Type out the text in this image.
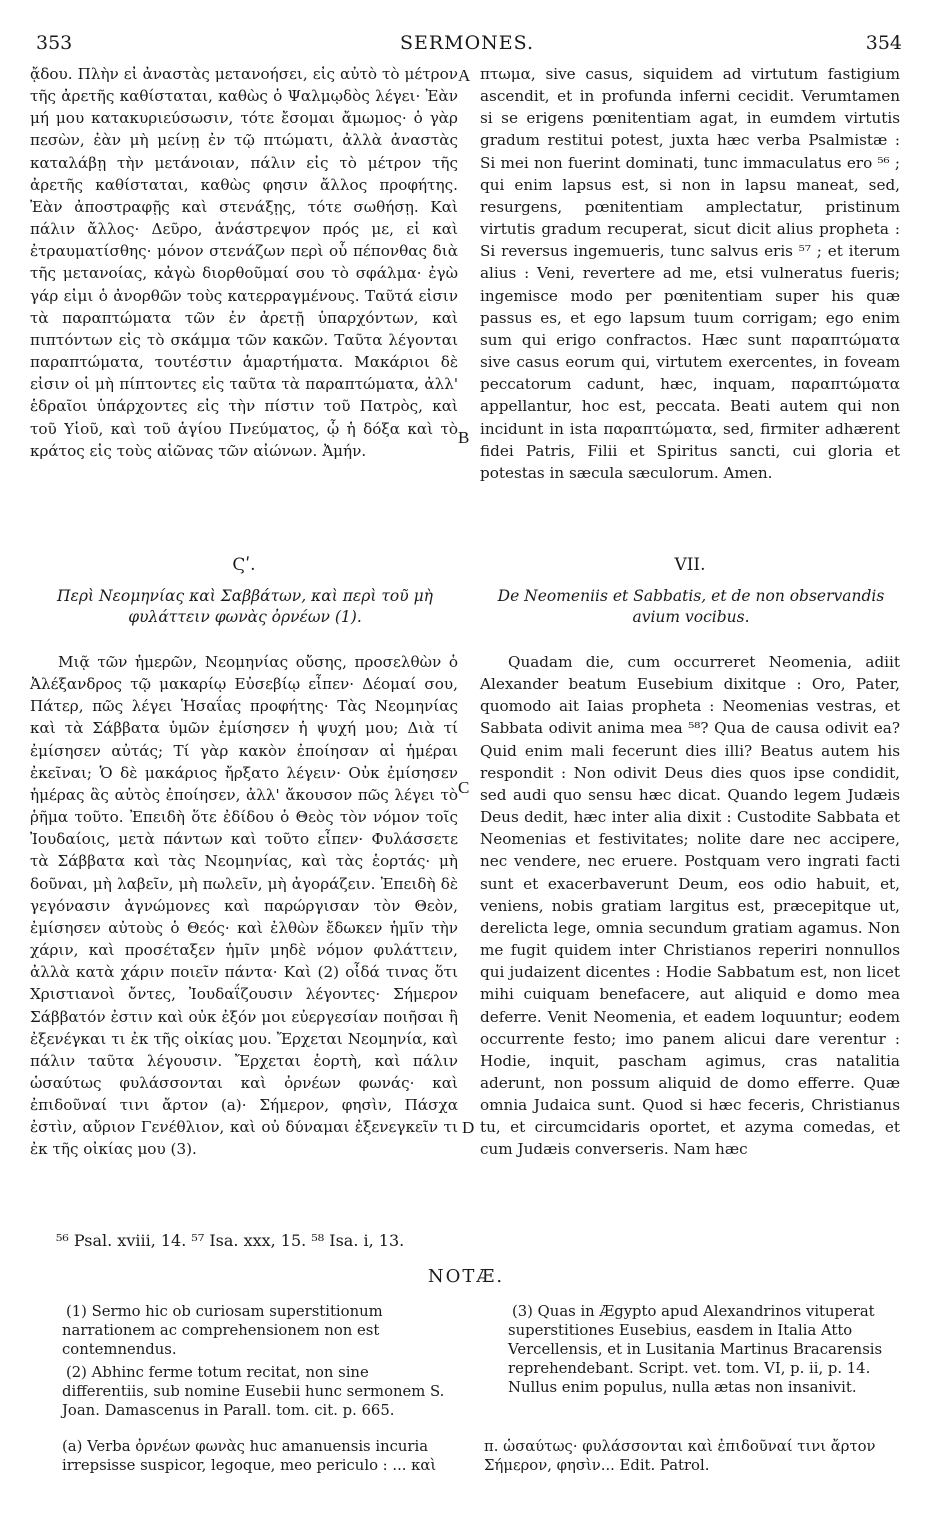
353	SERMONES.	354

ᾄδου. Πλὴν εἰ ἀναστὰς μετανοήσει, εἰς αὐτὸ τὸ μέτρον τῆς ἀρετῆς καθίσταται, καθὼς ὁ Ψαλμῳδὸς λέγει· Ἐὰν μή μου κατακυριεύσωσιν, τότε ἔσομαι ἄμωμος· ὁ γὰρ πεσὼν, ἐὰν μὴ μείνῃ ἐν τῷ πτώματι, ἀλλὰ ἀναστὰς καταλάβῃ τὴν μετάνοιαν, πάλιν εἰς τὸ μέτρον τῆς ἀρετῆς καθίσταται, καθὼς φησιν ἄλλος προφήτης. Ἐὰν ἀποστραφῇς καὶ στενάξῃς, τότε σωθήσῃ. Καὶ πάλιν ἄλλος· Δεῦρο, ἀνάστρεψον πρός με, εἰ καὶ ἐτραυματίσθης· μόνον στενάζων περὶ οὗ πέπονθας διὰ τῆς μετανοίας, κἀγὼ διορθοῦμαί σου τὸ σφάλμα· ἐγὼ γάρ εἰμι ὁ ἀνορθῶν τοὺς κατερραγμένους. Ταῦτά εἰσιν τὰ παραπτώματα τῶν ἐν ἀρετῇ ὑπαρχόντων, καὶ πιπτόντων εἰς τὸ σκάμμα τῶν κακῶν. Ταῦτα λέγονται παραπτώματα, τουτέστιν ἁμαρτήματα. Μακάριοι δὲ εἰσιν οἱ μὴ πίπτοντες εἰς ταῦτα τὰ παραπτώματα, ἀλλ' ἑδραῖοι ὑπάρχοντες εἰς τὴν πίστιν τοῦ Πατρὸς, καὶ τοῦ Υἱοῦ, καὶ τοῦ ἁγίου Πνεύματος, ᾧ ἡ δόξα καὶ τὸ κράτος εἰς τοὺς αἰῶνας τῶν αἰώνων. Ἀμήν.

πτωμα, sive casus, siquidem ad virtutum fastigium ascendit, et in profunda inferni cecidit. Verumtamen si se erigens pœnitentiam agat, in eumdem virtutis gradum restitui potest, juxta hæc verba Psalmistæ : Si mei non fuerint dominati, tunc immaculatus ero ⁵⁶ ; qui enim lapsus est, si non in lapsu maneat, sed, resurgens, pœnitentiam amplectatur, pristinum virtutis gradum recuperat, sicut dicit alius propheta : Si reversus ingemueris, tunc salvus eris ⁵⁷ ; et iterum alius : Veni, revertere ad me, etsi vulneratus fueris; ingemisce modo per pœnitentiam super his quæ passus es, et ego lapsum tuum corrigam; ego enim sum qui erigo confractos. Hæc sunt παραπτώματα sive casus eorum qui, virtutem exercentes, in foveam peccatorum cadunt, hæc, inquam, παραπτώματα appellantur, hoc est, peccata. Beati autem qui non incidunt in ista παραπτώματα, sed, firmiter adhærent fidei Patris, Filii et Spiritus sancti, cui gloria et potestas in sæcula sæculorum. Amen.

A
B
C
D
Ϛʹ.
Περὶ Νεομηνίας καὶ Σαββάτων, καὶ περὶ τοῦ μὴ φυλάττειν φωνὰς ὀρνέων (1).
VII.
De Neomeniis et Sabbatis, et de non observandis avium vocibus.

Μιᾷ τῶν ἡμερῶν, Νεομηνίας οὔσης, προσελθὼν ὁ Ἀλέξανδρος τῷ μακαρίῳ Εὐσεβίῳ εἶπεν· Δέομαί σου, Πάτερ, πῶς λέγει Ἡσαΐας προφήτης· Τὰς Νεομηνίας καὶ τὰ Σάββατα ὑμῶν ἐμίσησεν ἡ ψυχή μου; Διὰ τί ἐμίσησεν αὐτάς; Τί γὰρ κακὸν ἐποίησαν αἱ ἡμέραι ἐκεῖναι; Ὁ δὲ μακάριος ἤρξατο λέγειν· Οὐκ ἐμίσησεν ἡμέρας ἃς αὐτὸς ἐποίησεν, ἀλλ' ἄκουσον πῶς λέγει τὸ ῥῆμα τοῦτο. Ἐπειδὴ ὅτε ἐδίδου ὁ Θεὸς τὸν νόμον τοῖς Ἰουδαίοις, μετὰ πάντων καὶ τοῦτο εἶπεν· Φυλάσσετε τὰ Σάββατα καὶ τὰς Νεομηνίας, καὶ τὰς ἑορτάς· μὴ δοῦναι, μὴ λαβεῖν, μὴ πωλεῖν, μὴ ἀγοράζειν. Ἐπειδὴ δὲ γεγόνασιν ἀγνώμονες καὶ παρώργισαν τὸν Θεὸν, ἐμίσησεν αὐτοὺς ὁ Θεός· καὶ ἐλθὼν ἔδωκεν ἡμῖν τὴν χάριν, καὶ προσέταξεν ἡμῖν μηδὲ νόμον φυλάττειν, ἀλλὰ κατὰ χάριν ποιεῖν πάντα· Καὶ (2) οἶδά τινας ὅτι Χριστιανοὶ ὄντες, Ἰουδαΐζουσιν λέγοντες· Σήμερον Σάββατόν ἐστιν καὶ οὐκ ἐξόν μοι εὐεργεσίαν ποιῆσαι ἢ ἐξενέγκαι τι ἐκ τῆς οἰκίας μου. Ἔρχεται Νεομηνία, καὶ πάλιν ταῦτα λέγουσιν. Ἔρχεται ἑορτὴ, καὶ πάλιν ὡσαύτως φυλάσσονται καὶ ὀρνέων φωνάς· καὶ ἐπιδοῦναί τινι ἄρτον (a)· Σήμερον, φησὶν, Πάσχα ἐστὶν, αὔριον Γενέθλιον, καὶ οὐ δύναμαι ἐξενεγκεῖν τι ἐκ τῆς οἰκίας μου (3).

Quadam die, cum occurreret Neomenia, adiit Alexander beatum Eusebium dixitque : Oro, Pater, quomodo ait Iaias propheta : Neomenias vestras, et Sabbata odivit anima mea ⁵⁸? Qua de causa odivit ea? Quid enim mali fecerunt dies illi? Beatus autem his respondit : Non odivit Deus dies quos ipse condidit, sed audi quo sensu hæc dicat. Quando legem Judæis Deus dedit, hæc inter alia dixit : Custodite Sabbata et Neomenias et festivitates; nolite dare nec accipere, nec vendere, nec eruere. Postquam vero ingrati facti sunt et exacerbaverunt Deum, eos odio habuit, et, veniens, nobis gratiam largitus est, præcepitque ut, derelicta lege, omnia secundum gratiam agamus. Non me fugit quidem inter Christianos reperiri nonnullos qui judaizent dicentes : Hodie Sabbatum est, non licet mihi cuiquam benefacere, aut aliquid e domo mea deferre. Venit Neomenia, et eadem loquuntur; eodem occurrente festo; imo panem alicui dare verentur : Hodie, inquit, pascham agimus, cras natalitia aderunt, non possum aliquid de domo efferre. Quæ omnia Judaica sunt. Quod si hæc feceris, Christianus tu, et circumcidaris oportet, et azyma comedas, et cum Judæis converseris. Nam hæc

⁵⁶ Psal. xviii, 14. ⁵⁷ Isa. xxx, 15. ⁵⁸ Isa. i, 13.
NOTÆ.

(1) Sermo hic ob curiosam superstitionum narrationem ac comprehensionem non est contemnendus.

(2) Abhinc ferme totum recitat, non sine differentiis, sub nomine Eusebii hunc sermonem S. Joan. Damascenus in Parall. tom. cit. p. 665.

(3) Quas in Ægypto apud Alexandrinos vituperat superstitiones Eusebius, easdem in Italia Atto Vercellensis, et in Lusitania Martinus Bracarensis reprehendebant. Script. vet. tom. VI, p. ii, p. 14. Nullus enim populus, nulla ætas non insanivit.

(a) Verba ὀρνέων φωνὰς huc amanuensis incuria irrepsisse suspicor, legoque, meo periculo : ... καὶ
π. ὡσαύτως· φυλάσσονται καὶ ἐπιδοῦναί τινι ἄρτον Σήμερον, φησὶν... Edit. Patrol.
